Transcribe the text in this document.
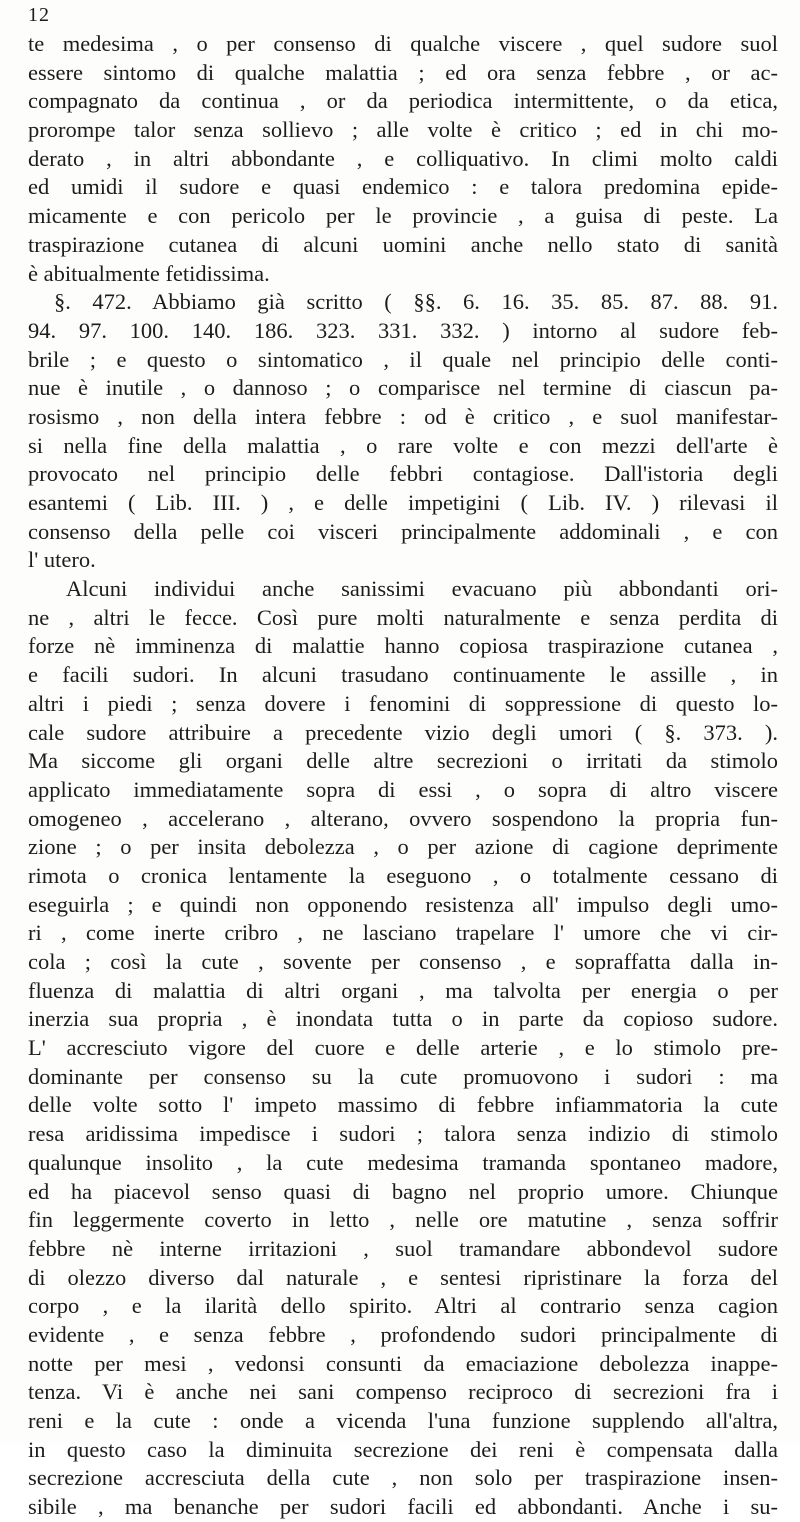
12
te medesima , o per consenso di qualche viscere , quel sudore suol
essere sintomo di qualche malattia ; ed ora senza febbre , or ac-
compagnato da continua , or da periodica intermittente, o da etica,
prorompe talor senza sollievo ; alle volte è critico ; ed in chi mo-
derato , in altri abbondante , e colliquativo. In climi molto caldi
ed umidi il sudore e quasi endemico : e talora predomina epide-
micamente e con pericolo per le provincie , a guisa di peste. La
traspirazione cutanea di alcuni uomini anche nello stato di sanità
è abitualmente fetidissima.
§. 472. Abbiamo già scritto ( §§. 6. 16. 35. 85. 87. 88. 91.
94. 97. 100. 140. 186. 323. 331. 332. ) intorno al sudore feb-
brile ; e questo o sintomatico , il quale nel principio delle conti-
nue è inutile , o dannoso ; o comparisce nel termine di ciascun pa-
rosismo , non della intera febbre : od è critico , e suol manifestar-
si nella fine della malattia , o rare volte e con mezzi dell'arte è
provocato nel principio delle febbri contagiose. Dall'istoria degli
esantemi ( Lib. III. ) , e delle impetigini ( Lib. IV. ) rilevasi il
consenso della pelle coi visceri principalmente addominali , e con
l' utero.
Alcuni individui anche sanissimi evacuano più abbondanti ori-
ne , altri le fecce. Così pure molti naturalmente e senza perdita di
forze nè imminenza di malattie hanno copiosa traspirazione cutanea ,
e facili sudori. In alcuni trasudano continuamente le assille , in
altri i piedi ; senza dovere i fenomini di soppressione di questo lo-
cale sudore attribuire a precedente vizio degli umori ( §. 373. ).
Ma siccome gli organi delle altre secrezioni o irritati da stimolo
applicato immediatamente sopra di essi , o sopra di altro viscere
omogeneo , accelerano , alterano, ovvero sospendono la propria fun-
zione ; o per insita debolezza , o per azione di cagione deprimente
rimota o cronica lentamente la eseguono , o totalmente cessano di
eseguirla ; e quindi non opponendo resistenza all' impulso degli umo-
ri , come inerte cribro , ne lasciano trapelare l' umore che vi cir-
cola ; così la cute , sovente per consenso , e sopraffatta dalla in-
fluenza di malattia di altri organi , ma talvolta per energia o per
inerzia sua propria , è inondata tutta o in parte da copioso sudore.
L' accresciuto vigore del cuore e delle arterie , e lo stimolo pre-
dominante per consenso su la cute promuovono i sudori : ma
delle volte sotto l' impeto massimo di febbre infiammatoria la cute
resa aridissima impedisce i sudori ; talora senza indizio di stimolo
qualunque insolito , la cute medesima tramanda spontaneo madore,
ed ha piacevol senso quasi di bagno nel proprio umore. Chiunque
fin leggermente coverto in letto , nelle ore matutine , senza soffrir
febbre nè interne irritazioni , suol tramandare abbondevol sudore
di olezzo diverso dal naturale , e sentesi ripristinare la forza del
corpo , e la ilarità dello spirito. Altri al contrario senza cagion
evidente , e senza febbre , profondendo sudori principalmente di
notte per mesi , vedonsi consunti da emaciazione debolezza inappe-
tenza. Vi è anche nei sani compenso reciproco di secrezioni fra i
reni e la cute : onde a vicenda l'una funzione supplendo all'altra,
in questo caso la diminuita secrezione dei reni è compensata dalla
secrezione accresciuta della cute , non solo per traspirazione insen-
sibile , ma benanche per sudori facili ed abbondanti. Anche i su-
